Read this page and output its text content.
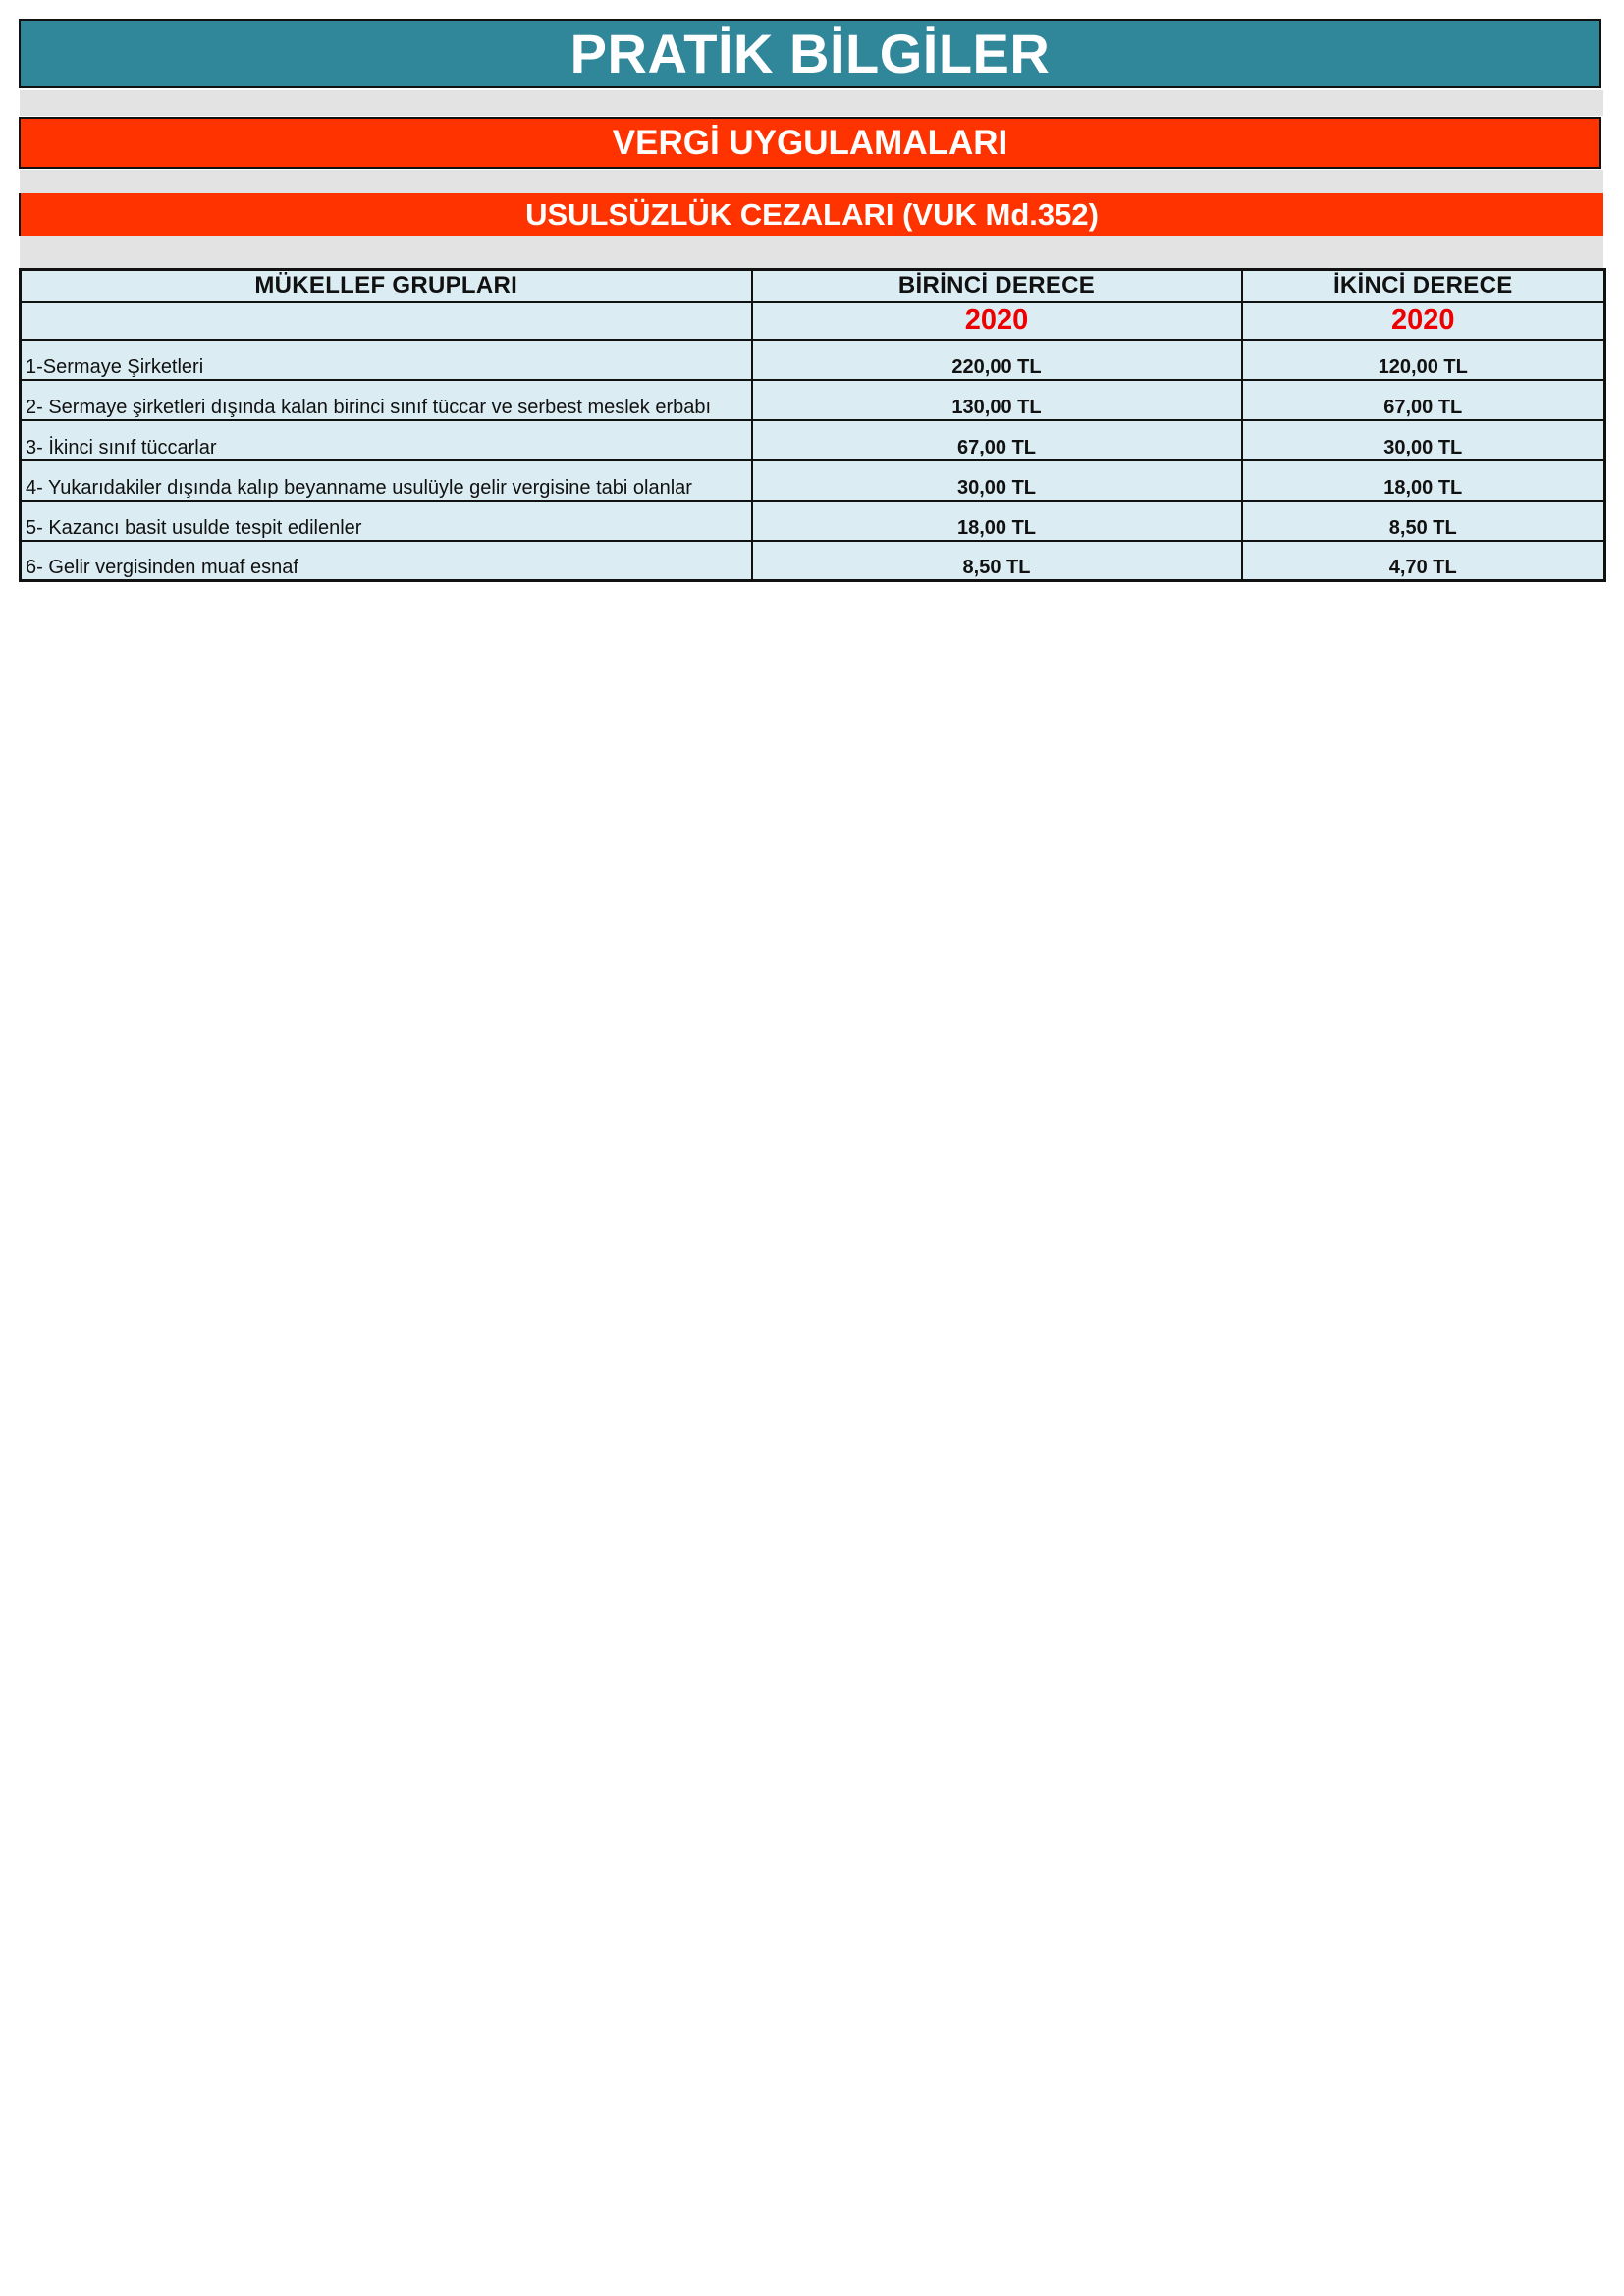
PRATİK BİLGİLER
VERGİ UYGULAMALARI
USULSÜZLÜK CEZALARI (VUK Md.352)
MÜKELLEF GRUPLARI	BİRİNCİ DERECE	İKİNCİ DERECE
	2020	2020
1-Sermaye Şirketleri	220,00 TL	120,00 TL
2- Sermaye şirketleri dışında kalan birinci sınıf tüccar ve serbest meslek erbabı	130,00 TL	67,00 TL
3- İkinci sınıf tüccarlar	67,00 TL	30,00 TL
4- Yukarıdakiler dışında kalıp beyanname usulüyle gelir vergisine tabi olanlar	30,00 TL	18,00 TL
5- Kazancı basit usulde tespit edilenler	18,00 TL	8,50 TL
6- Gelir vergisinden muaf esnaf	8,50 TL	4,70 TL
